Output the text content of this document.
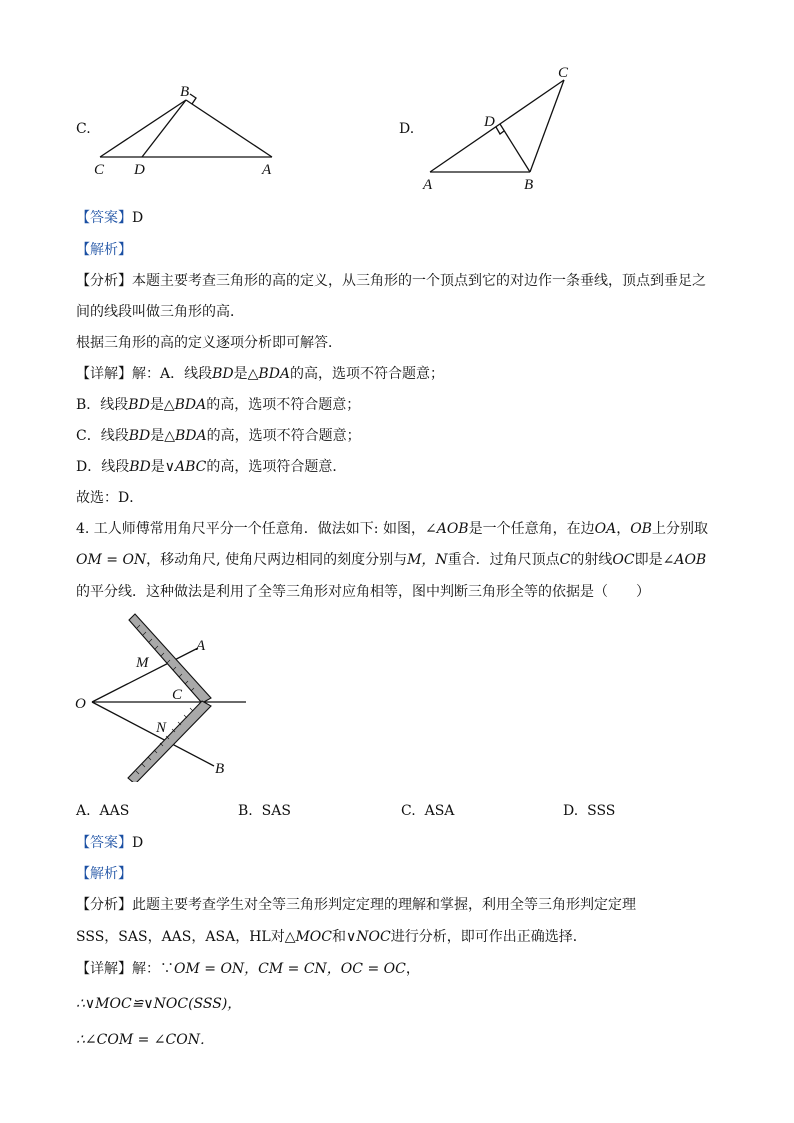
C.
B
C D	A
D.
C
D
A	B
【答案】D
【解析】
【分析】本题主要考查三角形的高的定义，从三角形的一个顶点到它的对边作一条垂线，顶点到垂足之
间的线段叫做三角形的高．
根据三角形的高的定义逐项分析即可解答．
【详解】解：A．线段BD是△BDA的高，选项不符合题意；
B．线段BD是△BDA的高，选项不符合题意；
C．线段BD是△BDA的高，选项不符合题意；
D．线段BD是∨ABC的高，选项符合题意．
故选：D．
4. 工人师傅常用角尺平分一个任意角．做法如下: 如图，∠AOB是一个任意角，在边OA，OB上分别取
OM = ON，移动角尺, 使角尺两边相同的刻度分别与M，N重合．过角尺顶点C的射线OC即是∠AOB
的平分线．这种做法是利用了全等三角形对应角相等，图中判断三角形全等的依据是（　　）
A
M
O
C
N
B
A. AAS	B. SAS	C. ASA	D. SSS
【答案】D
【解析】
【分析】此题主要考查学生对全等三角形判定定理的理解和掌握，利用全等三角形判定定理
SSS，SAS，AAS，ASA，HL对△MOC和∨NOC进行分析，即可作出正确选择．
【详解】解：∵OM = ON，CM = CN，OC = OC，
∴∨MOC≌∨NOC(SSS)，
∴∠COM = ∠CON．
